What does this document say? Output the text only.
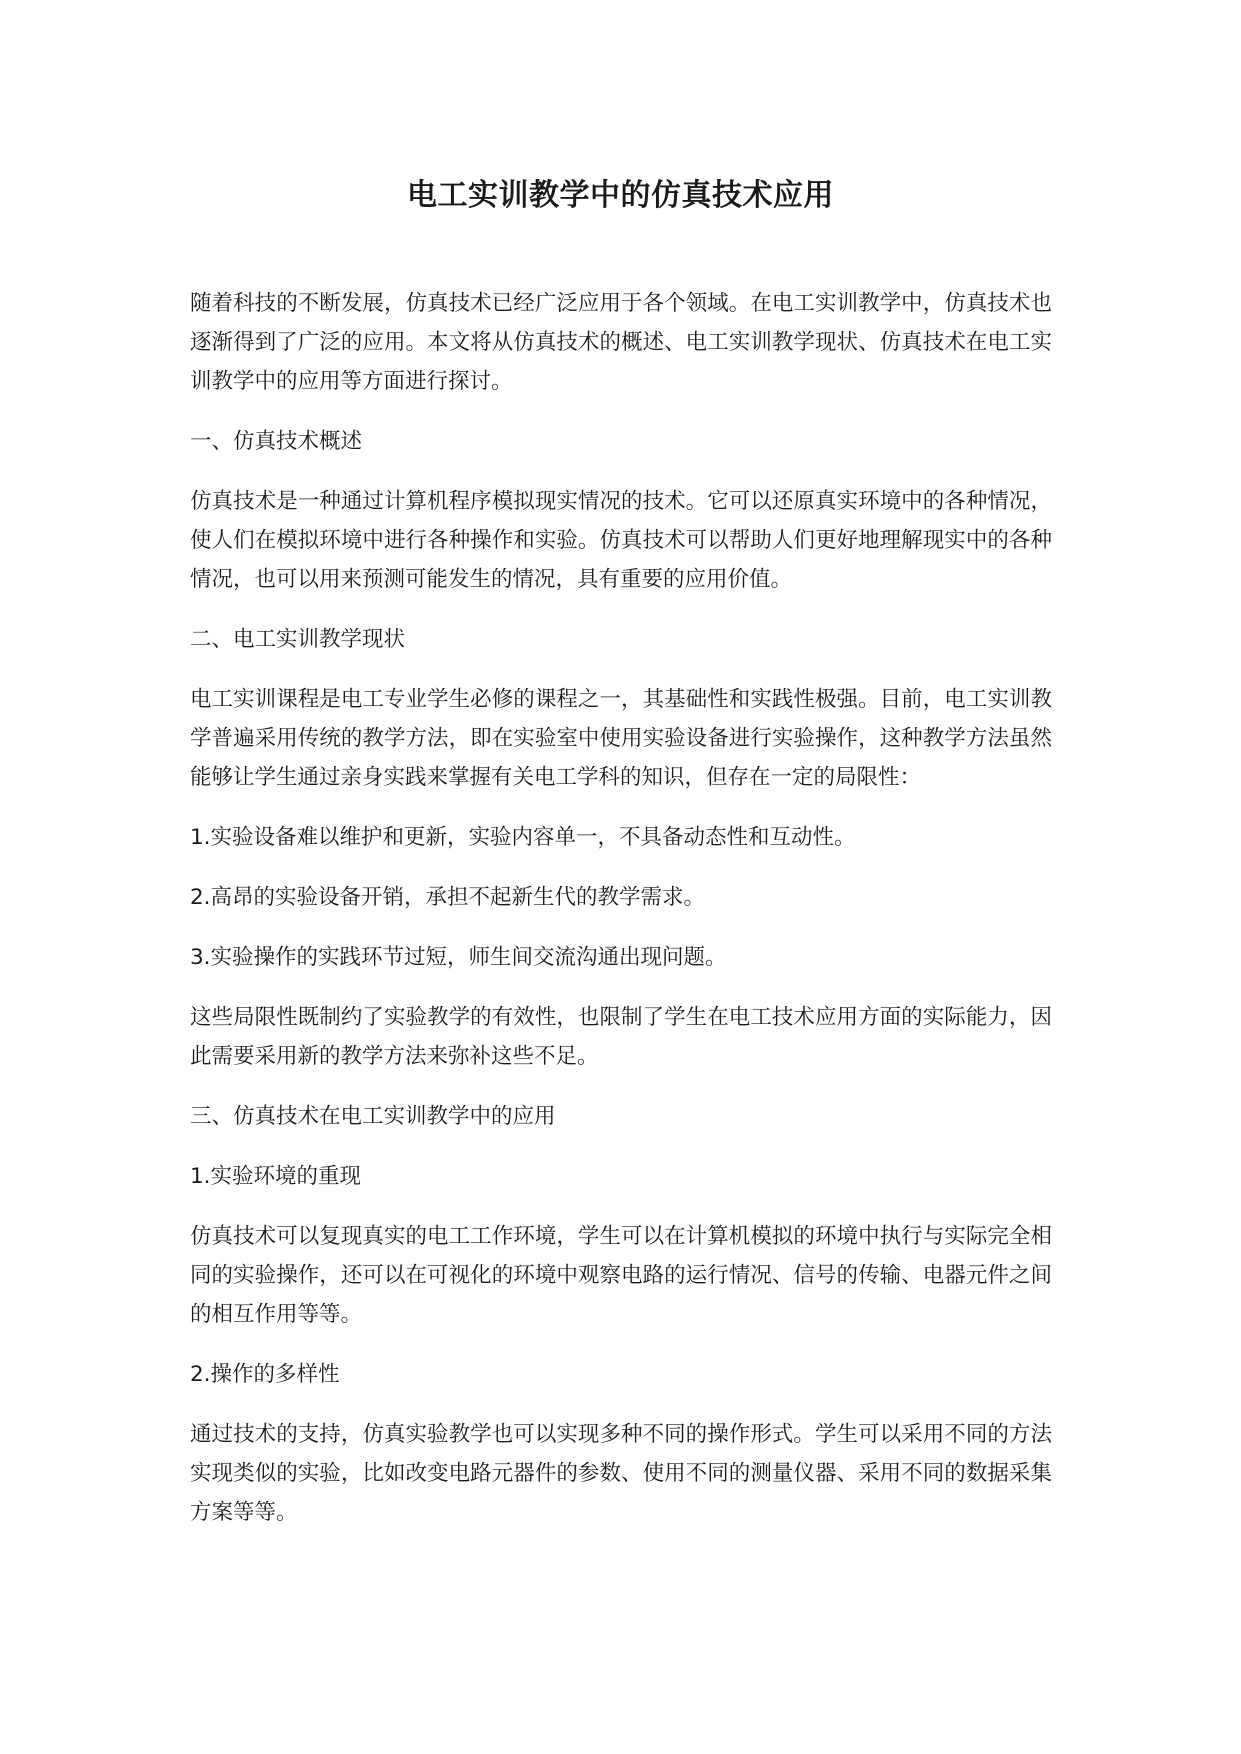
电工实训教学中的仿真技术应用

随着科技的不断发展，仿真技术已经广泛应用于各个领域。在电工实训教学中，仿真技术也逐渐得到了广泛的应用。本文将从仿真技术的概述、电工实训教学现状、仿真技术在电工实训教学中的应用等方面进行探讨。

一、仿真技术概述

仿真技术是一种通过计算机程序模拟现实情况的技术。它可以还原真实环境中的各种情况，使人们在模拟环境中进行各种操作和实验。仿真技术可以帮助人们更好地理解现实中的各种情况，也可以用来预测可能发生的情况，具有重要的应用价值。

二、电工实训教学现状

电工实训课程是电工专业学生必修的课程之一，其基础性和实践性极强。目前，电工实训教学普遍采用传统的教学方法，即在实验室中使用实验设备进行实验操作，这种教学方法虽然能够让学生通过亲身实践来掌握有关电工学科的知识，但存在一定的局限性：

1.实验设备难以维护和更新，实验内容单一，不具备动态性和互动性。

2.高昂的实验设备开销，承担不起新生代的教学需求。

3.实验操作的实践环节过短，师生间交流沟通出现问题。

这些局限性既制约了实验教学的有效性，也限制了学生在电工技术应用方面的实际能力，因此需要采用新的教学方法来弥补这些不足。

三、仿真技术在电工实训教学中的应用

1.实验环境的重现

仿真技术可以复现真实的电工工作环境，学生可以在计算机模拟的环境中执行与实际完全相同的实验操作，还可以在可视化的环境中观察电路的运行情况、信号的传输、电器元件之间的相互作用等等。

2.操作的多样性

通过技术的支持，仿真实验教学也可以实现多种不同的操作形式。学生可以采用不同的方法实现类似的实验，比如改变电路元器件的参数、使用不同的测量仪器、采用不同的数据采集方案等等。
